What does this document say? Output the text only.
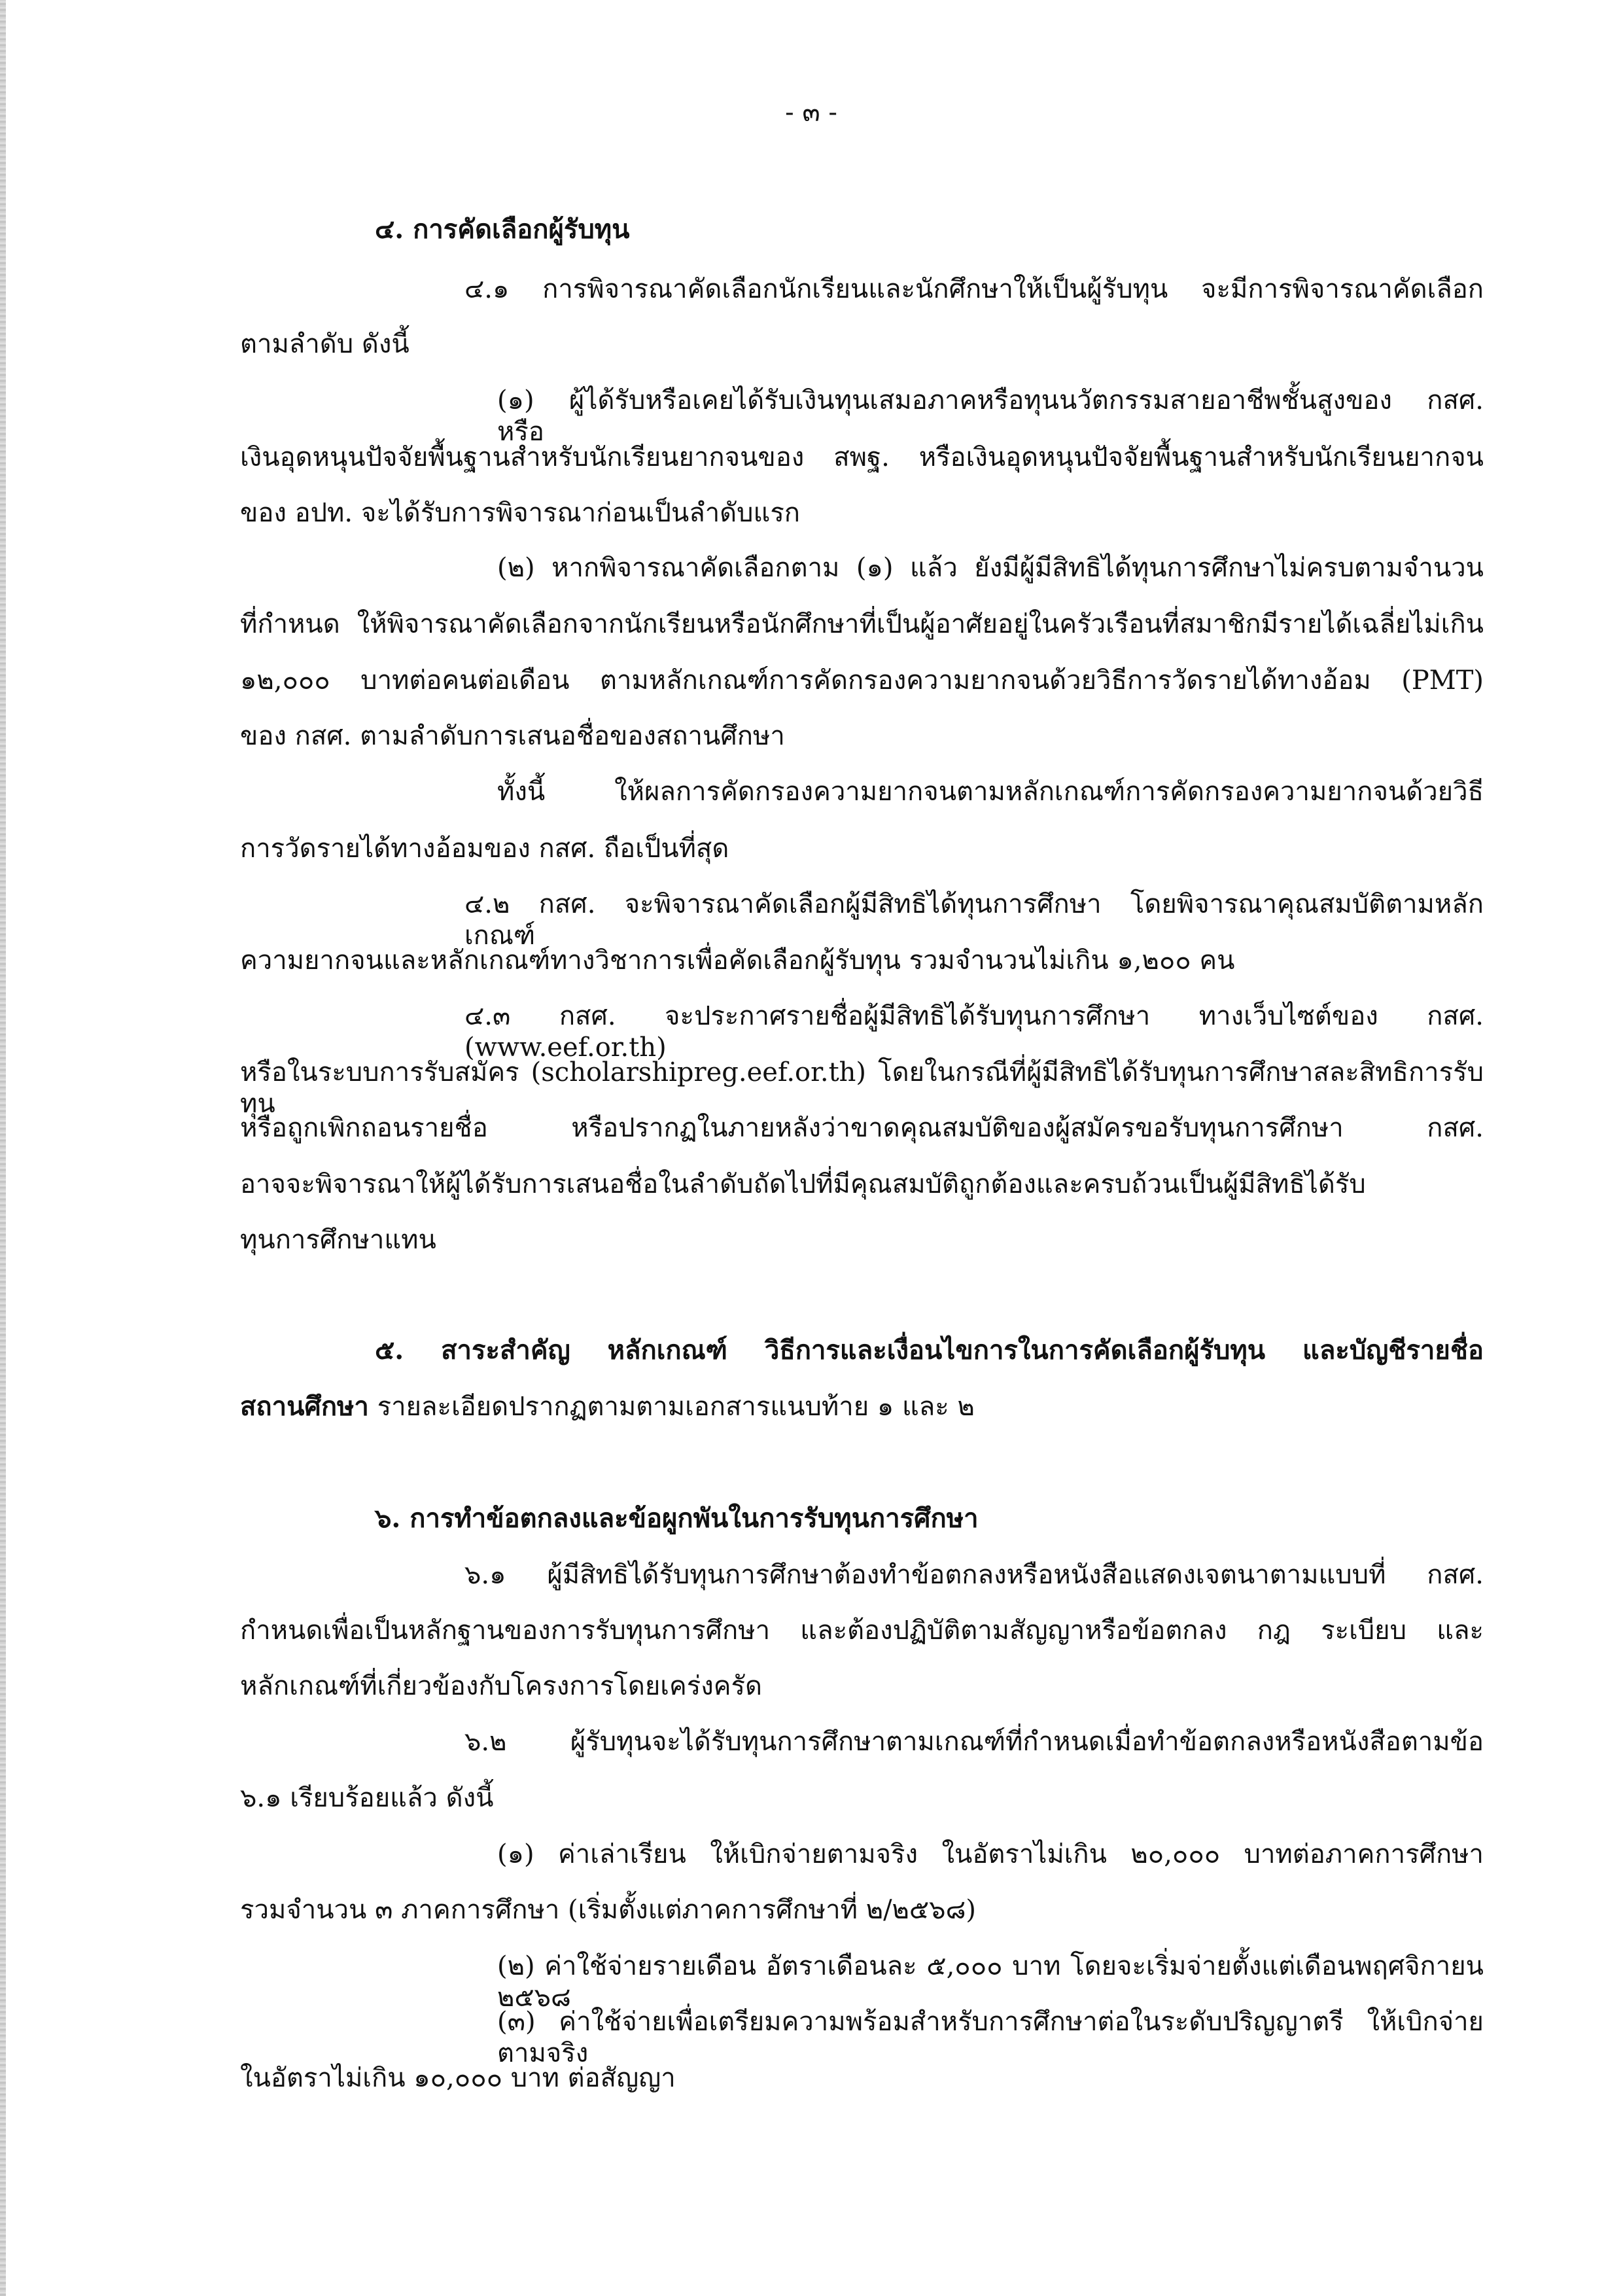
- ๓ -
๔. การคัดเลือกผู้รับทุน
๔.๑ การพิจารณาคัดเลือกนักเรียนและนักศึกษาให้เป็นผู้รับทุน จะมีการพิจารณาคัดเลือก
ตามลำดับ ดังนี้
(๑) ผู้ได้รับหรือเคยได้รับเงินทุนเสมอภาคหรือทุนนวัตกรรมสายอาชีพชั้นสูงของ กสศ. หรือ
เงินอุดหนุนปัจจัยพื้นฐานสำหรับนักเรียนยากจนของ สพฐ. หรือเงินอุดหนุนปัจจัยพื้นฐานสำหรับนักเรียนยากจน
ของ อปท. จะได้รับการพิจารณาก่อนเป็นลำดับแรก
(๒) หากพิจารณาคัดเลือกตาม (๑) แล้ว ยังมีผู้มีสิทธิได้ทุนการศึกษาไม่ครบตามจำนวน
ที่กำหนด ให้พิจารณาคัดเลือกจากนักเรียนหรือนักศึกษาที่เป็นผู้อาศัยอยู่ในครัวเรือนที่สมาชิกมีรายได้เฉลี่ยไม่เกิน
๑๒,๐๐๐ บาทต่อคนต่อเดือน ตามหลักเกณฑ์การคัดกรองความยากจนด้วยวิธีการวัดรายได้ทางอ้อม (PMT)
ของ กสศ. ตามลำดับการเสนอชื่อของสถานศึกษา
ทั้งนี้ ให้ผลการคัดกรองความยากจนตามหลักเกณฑ์การคัดกรองความยากจนด้วยวิธี
การวัดรายได้ทางอ้อมของ กสศ. ถือเป็นที่สุด
๔.๒ กสศ. จะพิจารณาคัดเลือกผู้มีสิทธิได้ทุนการศึกษา โดยพิจารณาคุณสมบัติตามหลักเกณฑ์
ความยากจนและหลักเกณฑ์ทางวิชาการเพื่อคัดเลือกผู้รับทุน รวมจำนวนไม่เกิน ๑,๒๐๐ คน
๔.๓ กสศ. จะประกาศรายชื่อผู้มีสิทธิได้รับทุนการศึกษา ทางเว็บไซต์ของ กสศ. (www.eef.or.th)
หรือในระบบการรับสมัคร (scholarshipreg.eef.or.th) โดยในกรณีที่ผู้มีสิทธิได้รับทุนการศึกษาสละสิทธิการรับทุน
หรือถูกเพิกถอนรายชื่อ หรือปรากฏในภายหลังว่าขาดคุณสมบัติของผู้สมัครขอรับทุนการศึกษา กสศ.
อาจจะพิจารณาให้ผู้ได้รับการเสนอชื่อในลำดับถัดไปที่มีคุณสมบัติถูกต้องและครบถ้วนเป็นผู้มีสิทธิได้รับ
ทุนการศึกษาแทน
๕. สาระสำคัญ หลักเกณฑ์ วิธีการและเงื่อนไขการในการคัดเลือกผู้รับทุน และบัญชีรายชื่อ
สถานศึกษา รายละเอียดปรากฏตามตามเอกสารแนบท้าย ๑ และ ๒
๖. การทำข้อตกลงและข้อผูกพันในการรับทุนการศึกษา
๖.๑ ผู้มีสิทธิได้รับทุนการศึกษาต้องทำข้อตกลงหรือหนังสือแสดงเจตนาตามแบบที่ กสศ.
กำหนดเพื่อเป็นหลักฐานของการรับทุนการศึกษา และต้องปฏิบัติตามสัญญาหรือข้อตกลง กฎ ระเบียบ และ
หลักเกณฑ์ที่เกี่ยวข้องกับโครงการโดยเคร่งครัด
๖.๒ ผู้รับทุนจะได้รับทุนการศึกษาตามเกณฑ์ที่กำหนดเมื่อทำข้อตกลงหรือหนังสือตามข้อ
๖.๑ เรียบร้อยแล้ว ดังนี้
(๑) ค่าเล่าเรียน ให้เบิกจ่ายตามจริง ในอัตราไม่เกิน ๒๐,๐๐๐ บาทต่อภาคการศึกษา
รวมจำนวน ๓ ภาคการศึกษา (เริ่มตั้งแต่ภาคการศึกษาที่ ๒/๒๕๖๘)
(๒) ค่าใช้จ่ายรายเดือน อัตราเดือนละ ๕,๐๐๐ บาท โดยจะเริ่มจ่ายตั้งแต่เดือนพฤศจิกายน ๒๕๖๘
(๓) ค่าใช้จ่ายเพื่อเตรียมความพร้อมสำหรับการศึกษาต่อในระดับปริญญาตรี ให้เบิกจ่ายตามจริง
ในอัตราไม่เกิน ๑๐,๐๐๐ บาท ต่อสัญญา
